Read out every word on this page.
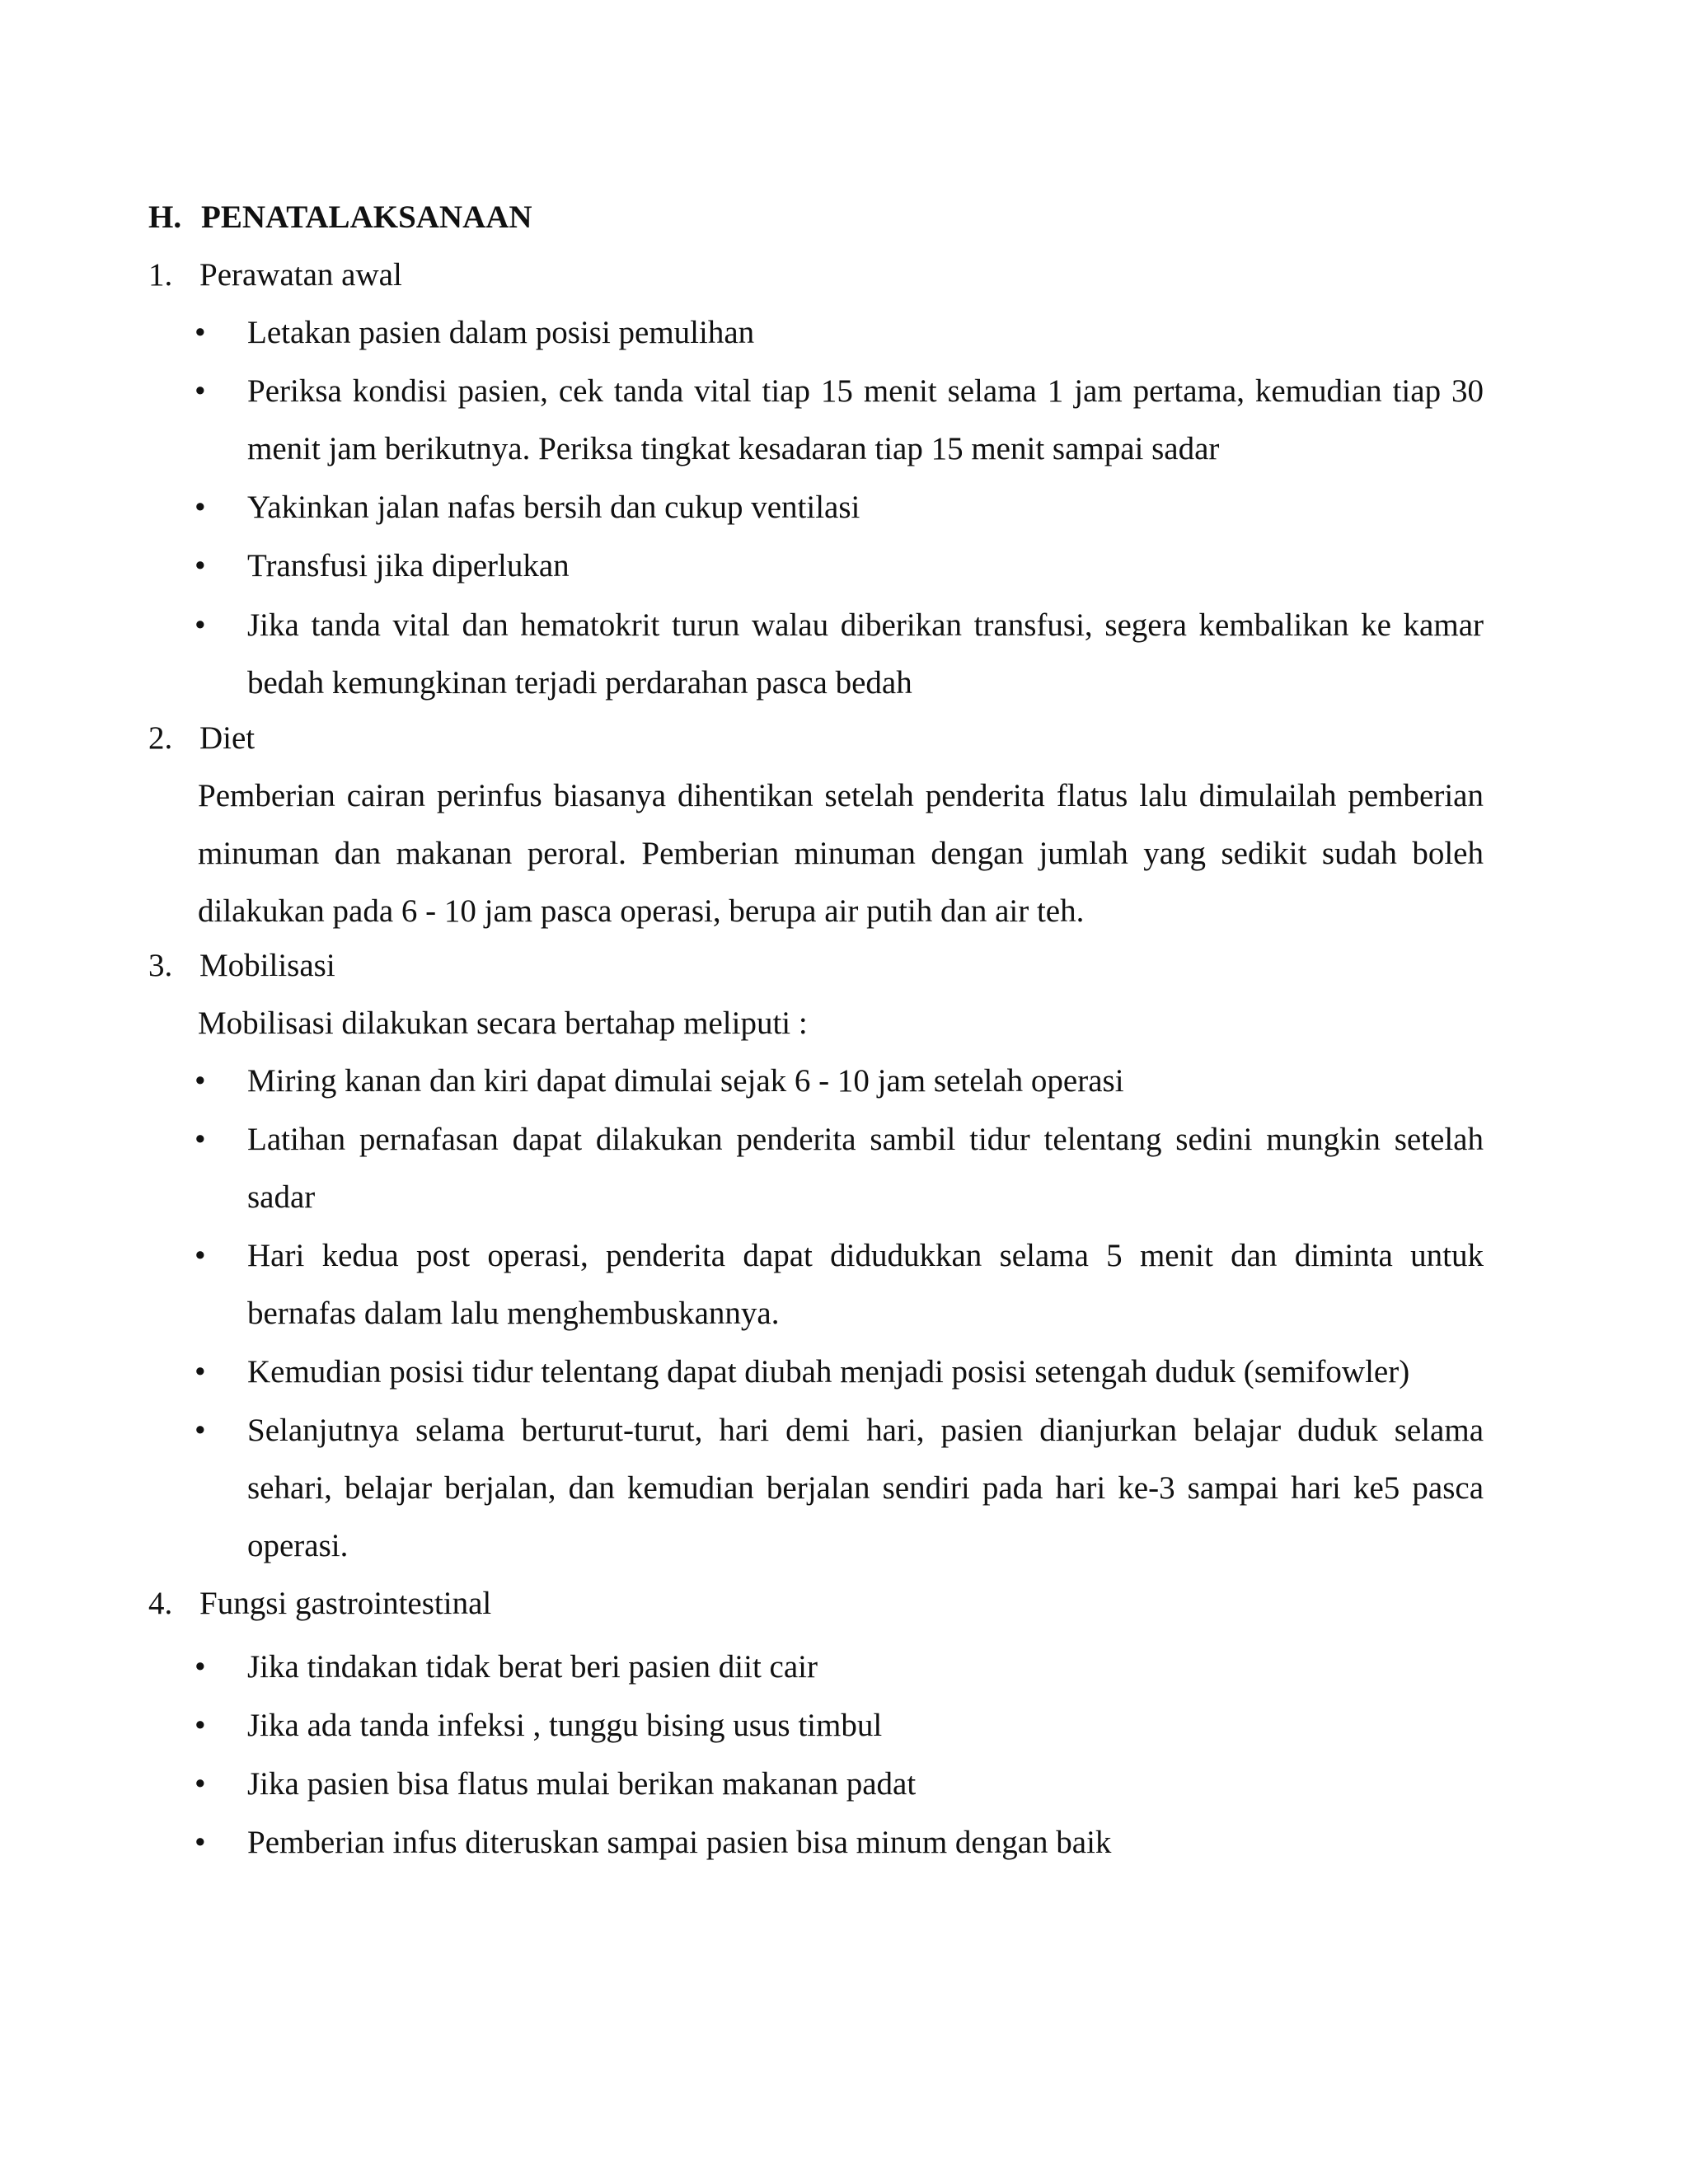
H. PENATALAKSANAAN
1. Perawatan awal
• Letakan pasien dalam posisi pemulihan
• Periksa kondisi pasien, cek tanda vital tiap 15 menit selama 1 jam pertama, kemudian tiap 30 menit jam berikutnya. Periksa tingkat kesadaran tiap 15 menit sampai sadar
• Yakinkan jalan nafas bersih dan cukup ventilasi
• Transfusi jika diperlukan
• Jika tanda vital dan hematokrit turun walau diberikan transfusi, segera kembalikan ke kamar bedah kemungkinan terjadi perdarahan pasca bedah
2. Diet
Pemberian cairan perinfus biasanya dihentikan setelah penderita flatus lalu dimulailah pemberian minuman dan makanan peroral. Pemberian minuman dengan jumlah yang sedikit sudah boleh dilakukan pada 6 - 10 jam pasca operasi, berupa air putih dan air teh.
3. Mobilisasi
Mobilisasi dilakukan secara bertahap meliputi :
• Miring kanan dan kiri dapat dimulai sejak 6 - 10 jam setelah operasi
• Latihan pernafasan dapat dilakukan penderita sambil tidur telentang sedini mungkin setelah sadar
• Hari kedua post operasi, penderita dapat didudukkan selama 5 menit dan diminta untuk bernafas dalam lalu menghembuskannya.
• Kemudian posisi tidur telentang dapat diubah menjadi posisi setengah duduk (semifowler)
• Selanjutnya selama berturut-turut, hari demi hari, pasien dianjurkan belajar duduk selama sehari, belajar berjalan, dan kemudian berjalan sendiri pada hari ke-3 sampai hari ke5 pasca operasi.
4. Fungsi gastrointestinal
• Jika tindakan tidak berat beri pasien diit cair
• Jika ada tanda infeksi , tunggu bising usus timbul
• Jika pasien bisa flatus mulai berikan makanan padat
• Pemberian infus diteruskan sampai pasien bisa minum dengan baik
